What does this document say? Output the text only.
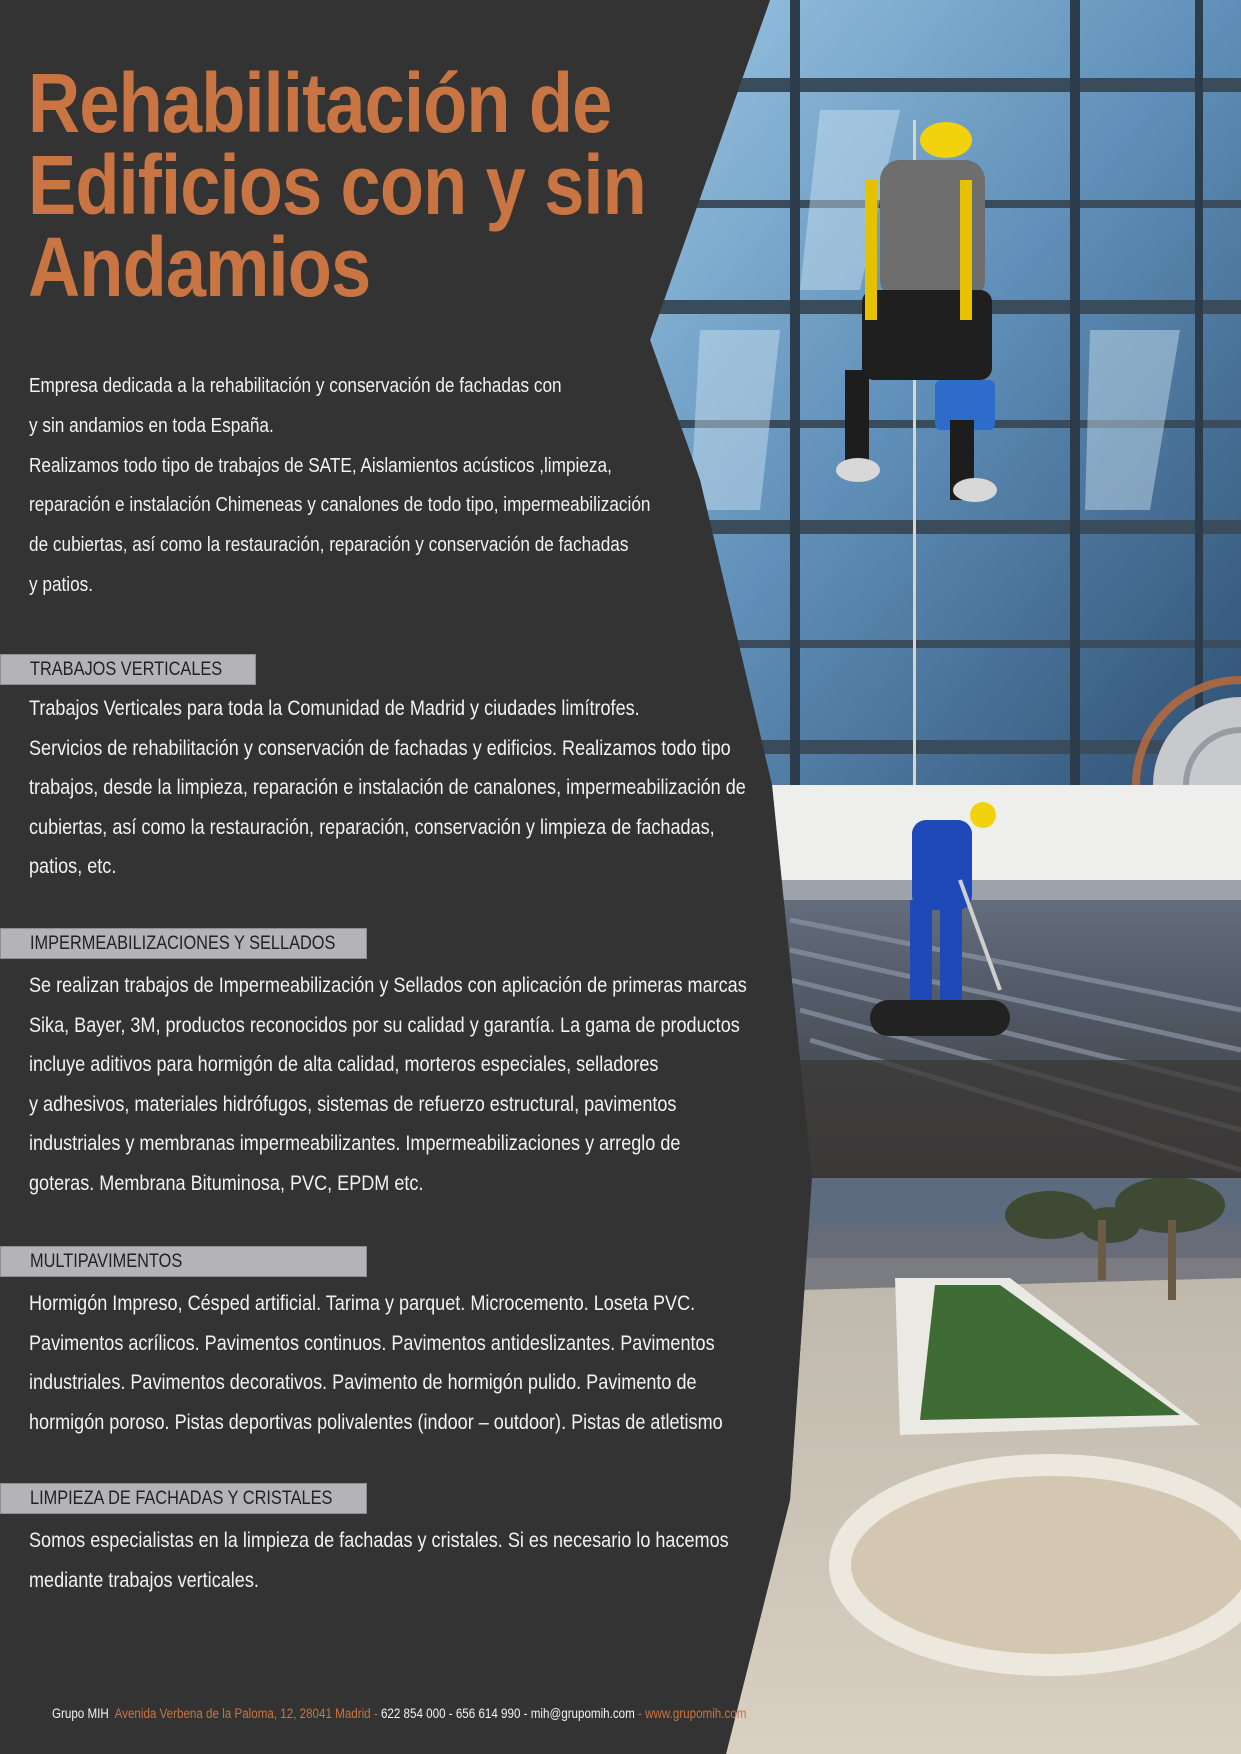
Rehabilitación de
Edificios con y sin
Andamios
Empresa dedicada a la rehabilitación y conservación de fachadas con
y sin andamios en toda España.
Realizamos todo tipo de trabajos de SATE, Aislamientos acústicos ,limpieza,
reparación e instalación Chimeneas y canalones de todo tipo, impermeabilización
de cubiertas, así como la restauración, reparación y conservación de fachadas
y patios.
TRABAJOS VERTICALES
Trabajos Verticales para toda la Comunidad de Madrid y ciudades limítrofes.
Servicios de rehabilitación y conservación de fachadas y edificios. Realizamos todo tipo
trabajos, desde la limpieza, reparación e instalación de canalones, impermeabilización de
cubiertas, así como la restauración, reparación, conservación y limpieza de fachadas,
patios, etc.
IMPERMEABILIZACIONES Y SELLADOS
Se realizan trabajos de Impermeabilización y Sellados con aplicación de primeras marcas
Sika, Bayer, 3M, productos reconocidos por su calidad y garantía. La gama de productos
incluye aditivos para hormigón de alta calidad, morteros especiales, selladores
y adhesivos, materiales hidrófugos, sistemas de refuerzo estructural, pavimentos
industriales y membranas impermeabilizantes. Impermeabilizaciones y arreglo de
goteras. Membrana Bituminosa, PVC, EPDM etc.
MULTIPAVIMENTOS
Hormigón Impreso, Césped artificial. Tarima y parquet. Microcemento. Loseta PVC.
Pavimentos acrílicos. Pavimentos continuos. Pavimentos antideslizantes. Pavimentos
industriales. Pavimentos decorativos. Pavimento de hormigón pulido. Pavimento de
hormigón poroso. Pistas deportivas polivalentes (indoor – outdoor). Pistas de atletismo
LIMPIEZA DE FACHADAS Y CRISTALES
Somos especialistas en la limpieza de fachadas y cristales. Si es necesario lo hacemos
mediante trabajos verticales.
Grupo MIH Avenida Verbena de la Paloma, 12, 28041 Madrid - 622 854 000 - 656 614 990 - mih@grupomih.com - www.grupomih.com
